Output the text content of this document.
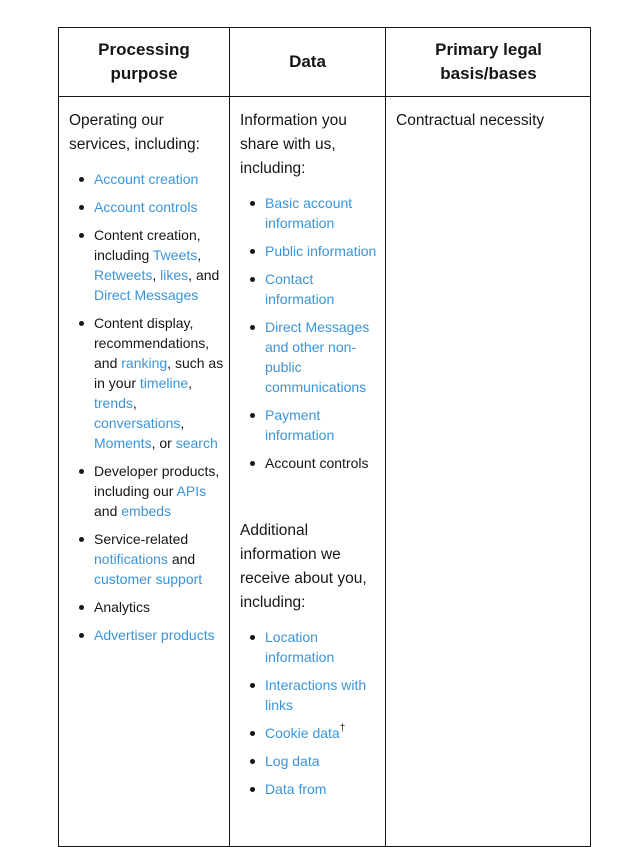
Processing purpose
Data
Primary legal basis/bases

Operating our services, including:

Account creation
Account controls
Content creation, including Tweets, Retweets, likes, and Direct Messages
Content display, recommendations, and ranking, such as in your timeline, trends, conversations, Moments, or search
Developer products, including our APIs and embeds
Service-related notifications and customer support
Analytics
Advertiser products

Information you share with us, including:

Basic account information
Public information
Contact information
Direct Messages and other non-public communications
Payment information
Account controls

Additional information we receive about you, including:

Location information
Interactions with links
Cookie data†
Log data
Data from

Contractual necessity
